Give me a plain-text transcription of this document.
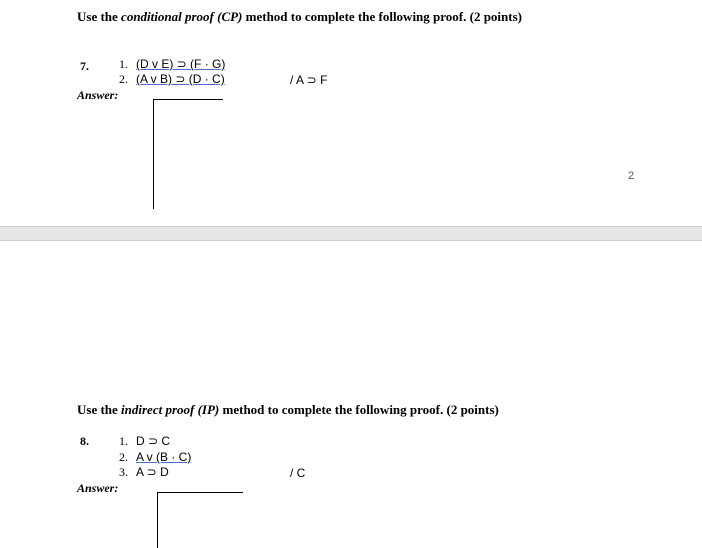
Use the conditional proof (CP) method to complete the following proof. (2 points)
7.	1. (D v E) ⊃ (F · G)
2. (A v B) ⊃ (D · C)	/ A ⊃ F
Answer:
2
Use the indirect proof (IP) method to complete the following proof. (2 points)
8.	1. D ⊃ C
2. A v (B · C)
3. A ⊃ D	/ C
Answer:
